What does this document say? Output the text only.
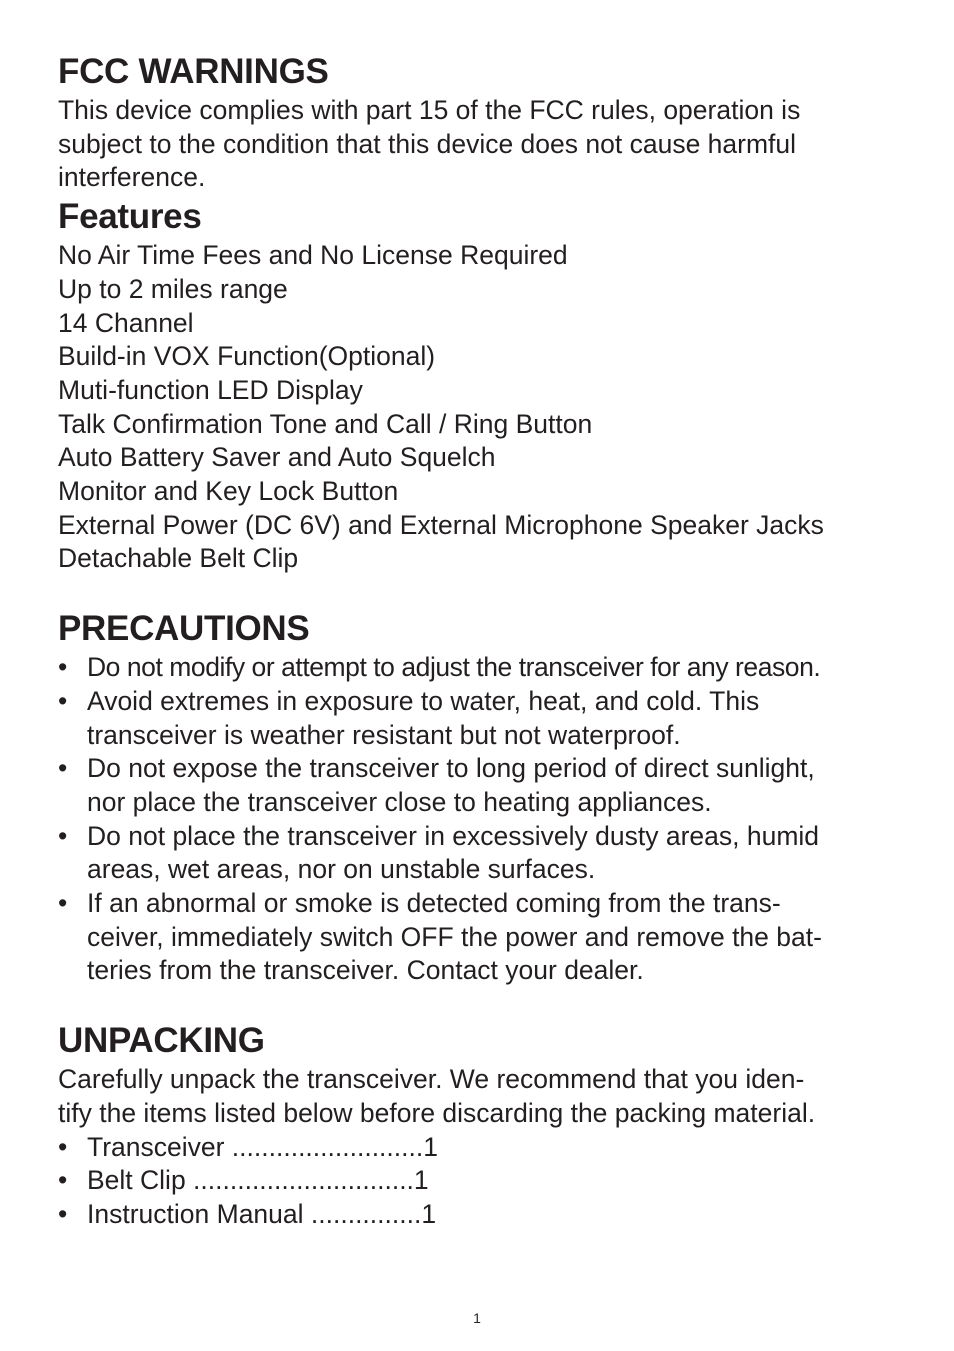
FCC WARNINGS
This device complies with part 15 of the FCC rules, operation is
subject to the condition that this device does not cause harmful
interference.
Features
No Air Time Fees and No License Required
Up to 2 miles range
14 Channel
Build-in VOX Function(Optional)
Muti-function LED Display
Talk Confirmation Tone and Call / Ring Button
Auto Battery Saver and Auto Squelch
Monitor and Key Lock Button
External Power (DC 6V) and External Microphone Speaker Jacks
Detachable Belt Clip
PRECAUTIONS
• Do not modify or attempt to adjust the transceiver for any reason.
• Avoid extremes in exposure to water, heat, and cold. This
transceiver is weather resistant but not waterproof.
• Do not expose the transceiver to long period of direct sunlight,
nor place the transceiver close to heating appliances.
• Do not place the transceiver in excessively dusty areas, humid
areas, wet areas, nor on unstable surfaces.
• If an abnormal or smoke is detected coming from the trans-
ceiver, immediately switch OFF the power and remove the bat-
teries from the transceiver. Contact your dealer.
UNPACKING
Carefully unpack the transceiver. We recommend that you iden-
tify the items listed below before discarding the packing material.
• Transceiver ..........................1
• Belt Clip ..............................1
• Instruction Manual ...............1
1
